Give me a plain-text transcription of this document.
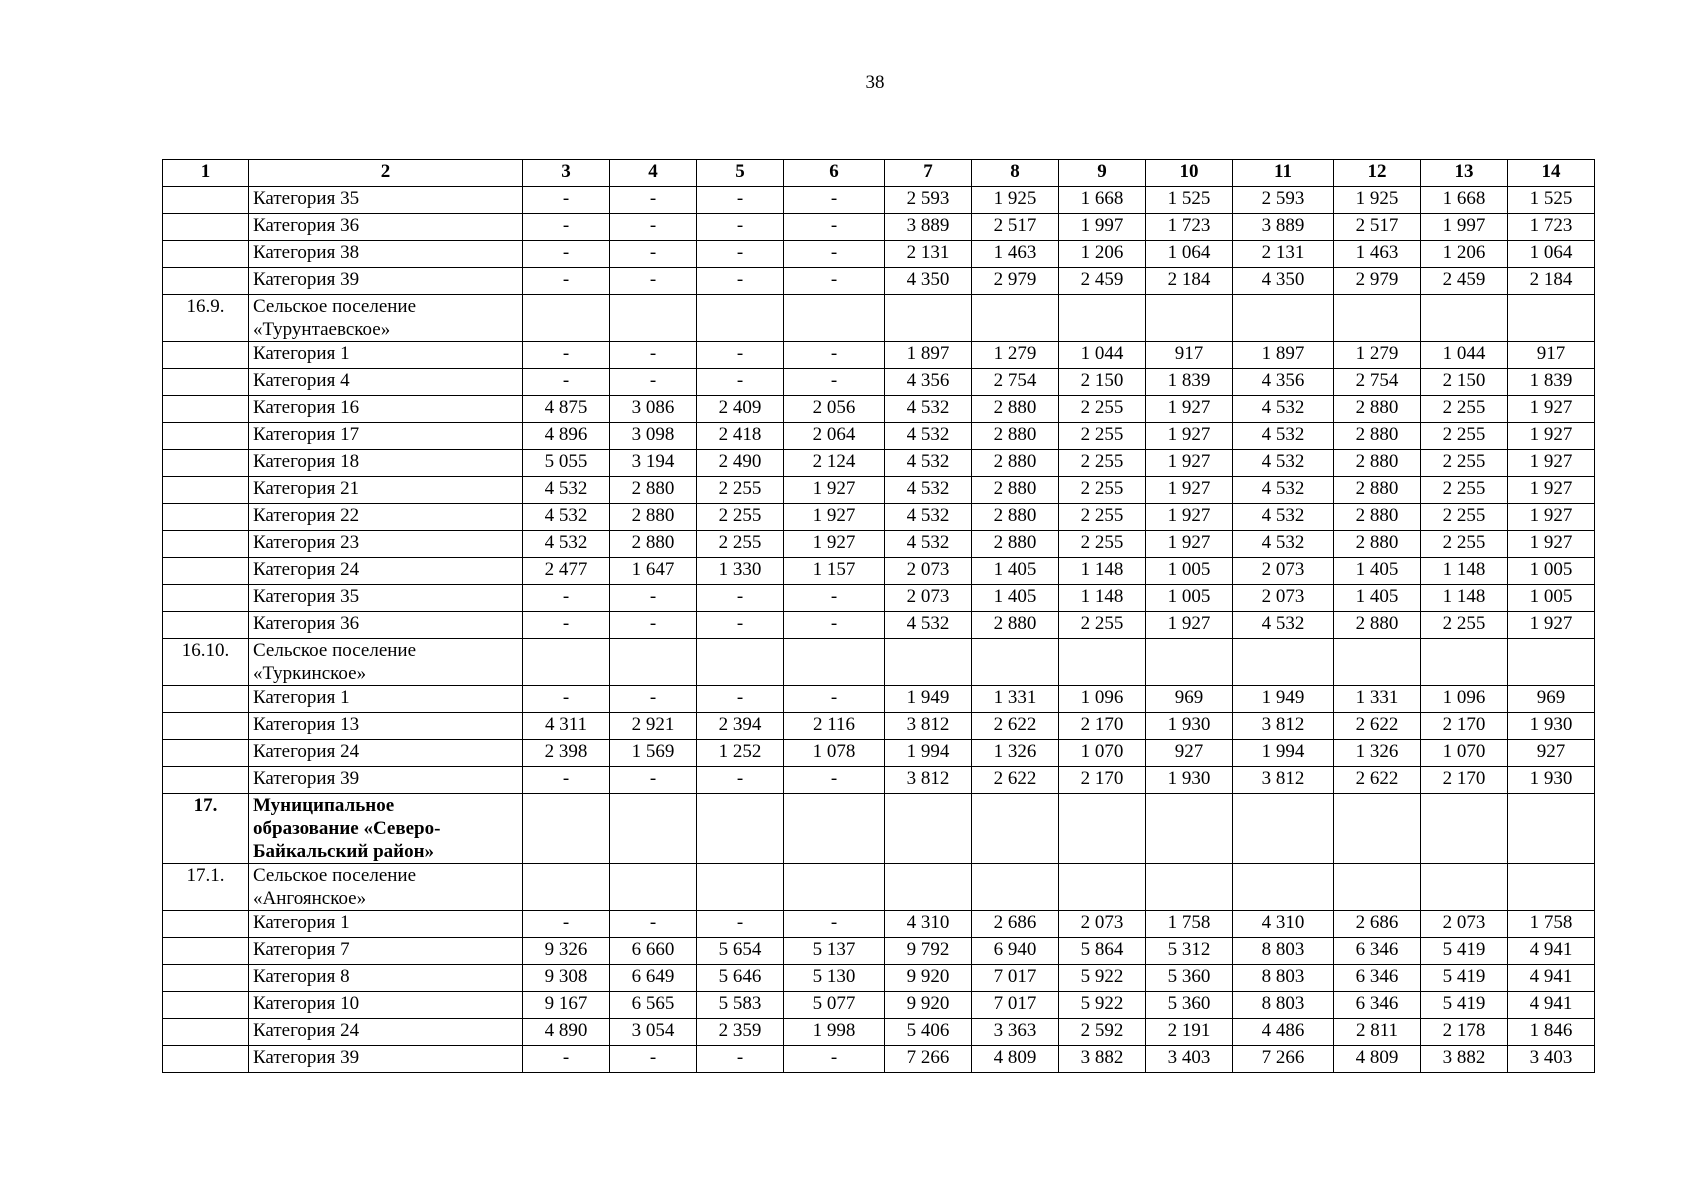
38
1	2	3	4	5	6	7	8	9	10	11	12	13	14

	Категория 35	-	-	-	-	2 593	1 925	1 668	1 525	2 593	1 925	1 668	1 525

	Категория 36	-	-	-	-	3 889	2 517	1 997	1 723	3 889	2 517	1 997	1 723

	Категория 38	-	-	-	-	2 131	1 463	1 206	1 064	2 131	1 463	1 206	1 064

	Категория 39	-	-	-	-	4 350	2 979	2 459	2 184	4 350	2 979	2 459	2 184
16.9.	Сельское поселение
«Турунтаевское»												

	Категория 1	-	-	-	-	1 897	1 279	1 044	917	1 897	1 279	1 044	917

	Категория 4	-	-	-	-	4 356	2 754	2 150	1 839	4 356	2 754	2 150	1 839

	Категория 16	4 875	3 086	2 409	2 056	4 532	2 880	2 255	1 927	4 532	2 880	2 255	1 927

	Категория 17	4 896	3 098	2 418	2 064	4 532	2 880	2 255	1 927	4 532	2 880	2 255	1 927

	Категория 18	5 055	3 194	2 490	2 124	4 532	2 880	2 255	1 927	4 532	2 880	2 255	1 927

	Категория 21	4 532	2 880	2 255	1 927	4 532	2 880	2 255	1 927	4 532	2 880	2 255	1 927

	Категория 22	4 532	2 880	2 255	1 927	4 532	2 880	2 255	1 927	4 532	2 880	2 255	1 927

	Категория 23	4 532	2 880	2 255	1 927	4 532	2 880	2 255	1 927	4 532	2 880	2 255	1 927

	Категория 24	2 477	1 647	1 330	1 157	2 073	1 405	1 148	1 005	2 073	1 405	1 148	1 005

	Категория 35	-	-	-	-	2 073	1 405	1 148	1 005	2 073	1 405	1 148	1 005

	Категория 36	-	-	-	-	4 532	2 880	2 255	1 927	4 532	2 880	2 255	1 927
16.10.	Сельское поселение
«Туркинское»												

	Категория 1	-	-	-	-	1 949	1 331	1 096	969	1 949	1 331	1 096	969

	Категория 13	4 311	2 921	2 394	2 116	3 812	2 622	2 170	1 930	3 812	2 622	2 170	1 930

	Категория 24	2 398	1 569	1 252	1 078	1 994	1 326	1 070	927	1 994	1 326	1 070	927

	Категория 39	-	-	-	-	3 812	2 622	2 170	1 930	3 812	2 622	2 170	1 930
17.	Муниципальное
образование «Северо-
Байкальский район»												

17.1.	Сельское поселение
«Ангоянское»												

	Категория 1	-	-	-	-	4 310	2 686	2 073	1 758	4 310	2 686	2 073	1 758

	Категория 7	9 326	6 660	5 654	5 137	9 792	6 940	5 864	5 312	8 803	6 346	5 419	4 941

	Категория 8	9 308	6 649	5 646	5 130	9 920	7 017	5 922	5 360	8 803	6 346	5 419	4 941

	Категория 10	9 167	6 565	5 583	5 077	9 920	7 017	5 922	5 360	8 803	6 346	5 419	4 941

	Категория 24	4 890	3 054	2 359	1 998	5 406	3 363	2 592	2 191	4 486	2 811	2 178	1 846

	Категория 39	-	-	-	-	7 266	4 809	3 882	3 403	7 266	4 809	3 882	3 403
